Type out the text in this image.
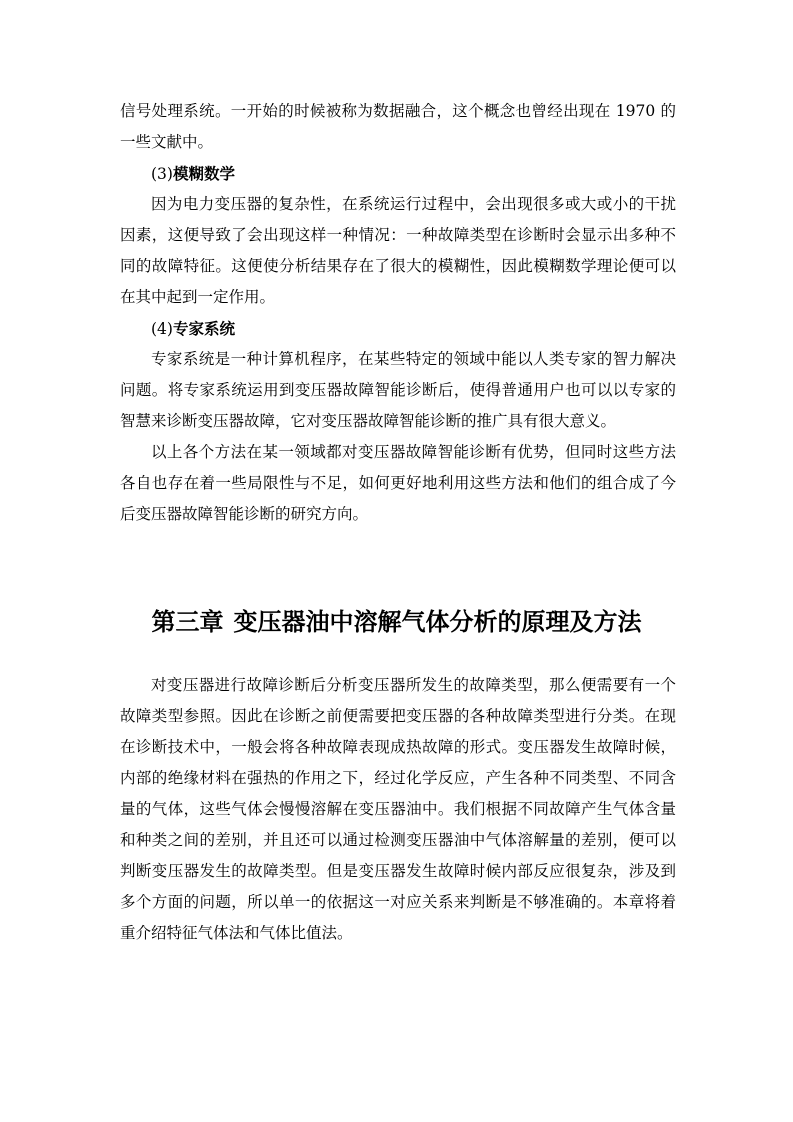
信号处理系统。一开始的时候被称为数据融合，这个概念也曾经出现在 1970 的一些文献中。

(3)模糊数学

因为电力变压器的复杂性，在系统运行过程中，会出现很多或大或小的干扰因素，这便导致了会出现这样一种情况：一种故障类型在诊断时会显示出多种不同的故障特征。这便使分析结果存在了很大的模糊性，因此模糊数学理论便可以在其中起到一定作用。

(4)专家系统

专家系统是一种计算机程序，在某些特定的领域中能以人类专家的智力解决问题。将专家系统运用到变压器故障智能诊断后，使得普通用户也可以以专家的智慧来诊断变压器故障，它对变压器故障智能诊断的推广具有很大意义。

以上各个方法在某一领域都对变压器故障智能诊断有优势，但同时这些方法各自也存在着一些局限性与不足，如何更好地利用这些方法和他们的组合成了今后变压器故障智能诊断的研究方向。

第三章 变压器油中溶解气体分析的原理及方法

对变压器进行故障诊断后分析变压器所发生的故障类型，那么便需要有一个故障类型参照。因此在诊断之前便需要把变压器的各种故障类型进行分类。在现在诊断技术中，一般会将各种故障表现成热故障的形式。变压器发生故障时候，内部的绝缘材料在强热的作用之下，经过化学反应，产生各种不同类型、不同含量的气体，这些气体会慢慢溶解在变压器油中。我们根据不同故障产生气体含量和种类之间的差别，并且还可以通过检测变压器油中气体溶解量的差别，便可以判断变压器发生的故障类型。但是变压器发生故障时候内部反应很复杂，涉及到多个方面的问题，所以单一的依据这一对应关系来判断是不够准确的。本章将着重介绍特征气体法和气体比值法。
